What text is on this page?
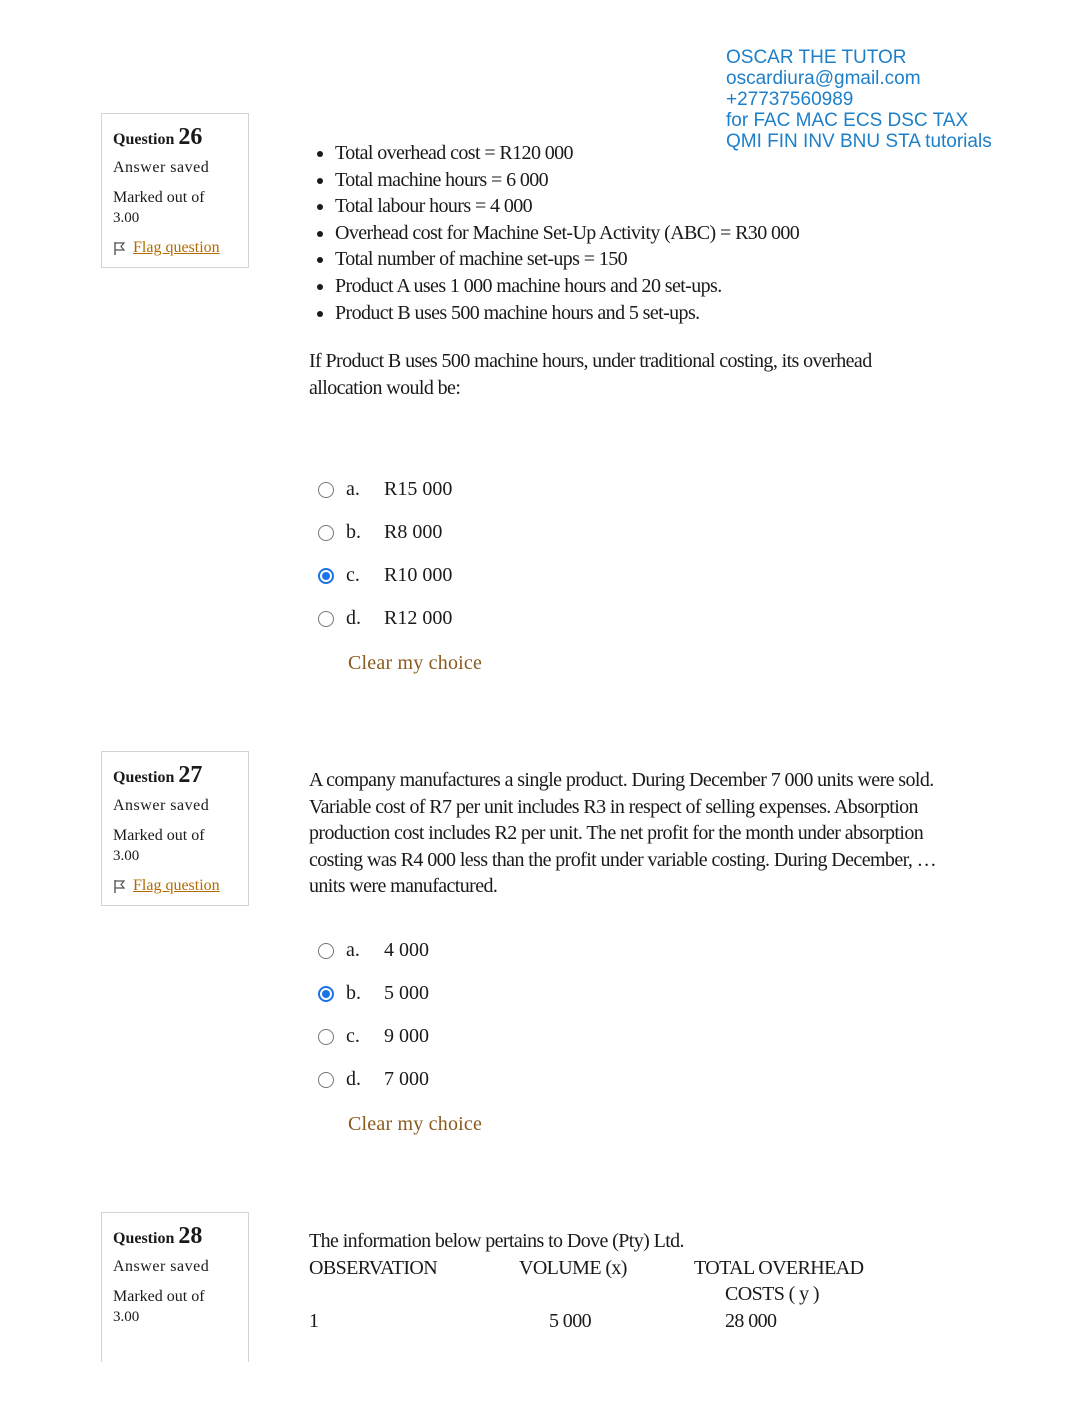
OSCAR THE TUTOR
oscardiura@gmail.com
+27737560989
for FAC MAC ECS DSC TAX
QMI FIN INV BNU STA tutorials
Question 26
Answer saved
Marked out of
3.00
Flag question
• Total overhead cost = R120 000
• Total machine hours = 6 000
• Total labour hours = 4 000
• Overhead cost for Machine Set-Up Activity (ABC) = R30 000
• Total number of machine set-ups = 150
• Product A uses 1 000 machine hours and 20 set-ups.
• Product B uses 500 machine hours and 5 set-ups.
If Product B uses 500 machine hours, under traditional costing, its overhead allocation would be:
a.	R15 000
b.	R8 000
c.	R10 000
d.	R12 000
Clear my choice
Question 27
Answer saved
Marked out of
3.00
Flag question
A company manufactures a single product. During December 7 000 units were sold. Variable cost of R7 per unit includes R3 in respect of selling expenses. Absorption production cost includes R2 per unit. The net profit for the month under absorption costing was R4 000 less than the profit under variable costing. During December, … units were manufactured.
a.	4 000
b.	5 000
c.	9 000
d.	7 000
Clear my choice
Question 28
Answer saved
Marked out of
3.00
The information below pertains to Dove (Pty) Ltd.
OBSERVATION	VOLUME (x)	TOTAL OVERHEAD
COSTS ( y )
1	5 000	28 000
